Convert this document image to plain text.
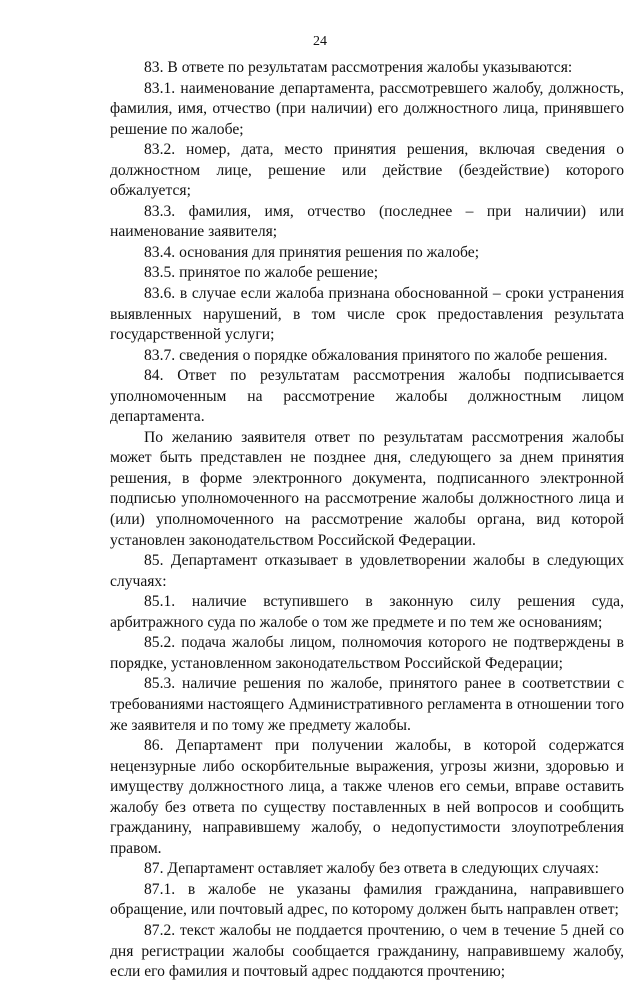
24

83. В ответе по результатам рассмотрения жалобы указываются:

83.1. наименование департамента, рассмотревшего жалобу, должность, фамилия, имя, отчество (при наличии) его должностного лица, принявшего решение по жалобе;

83.2. номер, дата, место принятия решения, включая сведения о должностном лице, решение или действие (бездействие) которого обжалуется;

83.3. фамилия, имя, отчество (последнее – при наличии) или наименование заявителя;

83.4. основания для принятия решения по жалобе;

83.5. принятое по жалобе решение;

83.6. в случае если жалоба признана обоснованной – сроки устранения выявленных нарушений, в том числе срок предоставления результата государственной услуги;

83.7. сведения о порядке обжалования принятого по жалобе решения.

84. Ответ по результатам рассмотрения жалобы подписывается уполномоченным на рассмотрение жалобы должностным лицом департамента.

По желанию заявителя ответ по результатам рассмотрения жалобы может быть представлен не позднее дня, следующего за днем принятия решения, в форме электронного документа, подписанного электронной подписью уполномоченного на рассмотрение жалобы должностного лица и (или) уполномоченного на рассмотрение жалобы органа, вид которой установлен законодательством Российской Федерации.

85. Департамент отказывает в удовлетворении жалобы в следующих случаях:

85.1. наличие вступившего в законную силу решения суда, арбитражного суда по жалобе о том же предмете и по тем же основаниям;

85.2. подача жалобы лицом, полномочия которого не подтверждены в порядке, установленном законодательством Российской Федерации;

85.3. наличие решения по жалобе, принятого ранее в соответствии с требованиями настоящего Административного регламента в отношении того же заявителя и по тому же предмету жалобы.

86. Департамент при получении жалобы, в которой содержатся нецензурные либо оскорбительные выражения, угрозы жизни, здоровью и имуществу должностного лица, а также членов его семьи, вправе оставить жалобу без ответа по существу поставленных в ней вопросов и сообщить гражданину, направившему жалобу, о недопустимости злоупотребления правом.

87. Департамент оставляет жалобу без ответа в следующих случаях:

87.1. в жалобе не указаны фамилия гражданина, направившего обращение, или почтовый адрес, по которому должен быть направлен ответ;

87.2. текст жалобы не поддается прочтению, о чем в течение 5 дней со дня регистрации жалобы сообщается гражданину, направившему жалобу, если его фамилия и почтовый адрес поддаются прочтению;
